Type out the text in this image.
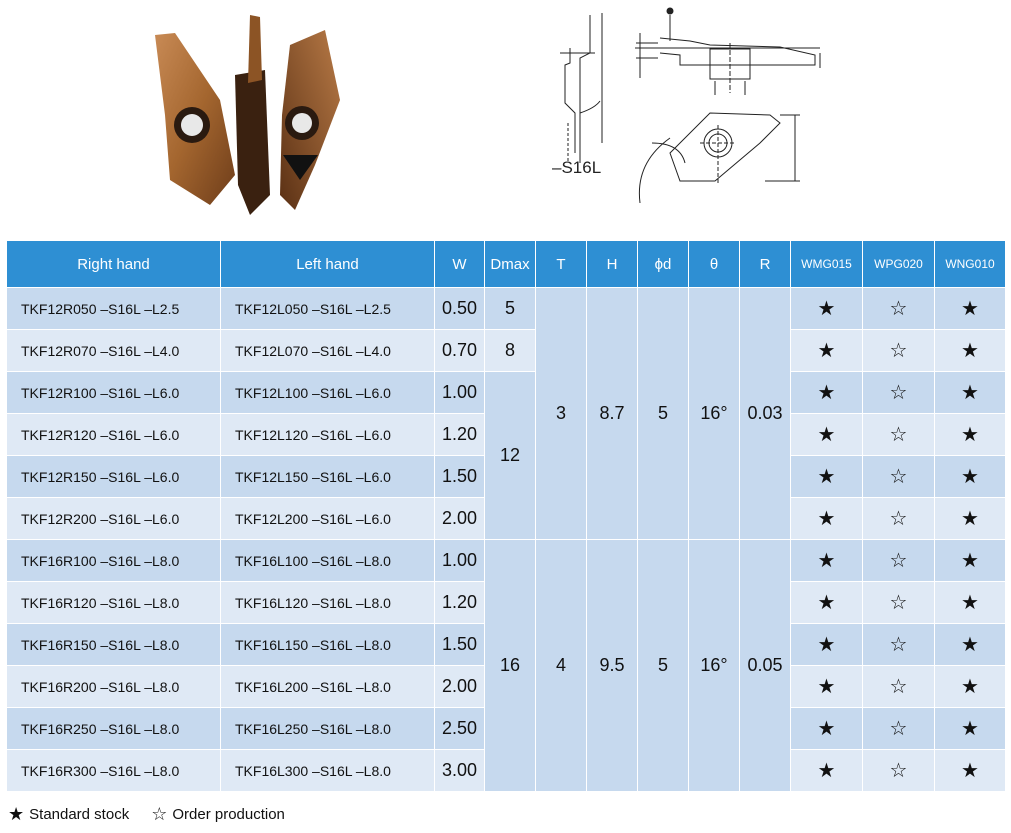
–S16L
Right hand	Left hand	W	Dmax	T	H	ϕd	θ	R	WMG015	WPG020	WNG010
TKF12R050 –S16L –L2.5	TKF12L050 –S16L –L2.5	0.50	5	3	8.7	5	16°	0.03	★	☆	★
TKF12R070 –S16L –L4.0	TKF12L070 –S16L –L4.0	0.70	8						★	☆	★
TKF12R100 –S16L –L6.0	TKF12L100 –S16L –L6.0	1.00	12						★	☆	★
TKF12R120 –S16L –L6.0	TKF12L120 –S16L –L6.0	1.20							★	☆	★
TKF12R150 –S16L –L6.0	TKF12L150 –S16L –L6.0	1.50							★	☆	★
TKF12R200 –S16L –L6.0	TKF12L200 –S16L –L6.0	2.00							★	☆	★
TKF16R100 –S16L –L8.0	TKF16L100 –S16L –L8.0	1.00	16	4	9.5	5	16°	0.05	★	☆	★
TKF16R120 –S16L –L8.0	TKF16L120 –S16L –L8.0	1.20							★	☆	★
TKF16R150 –S16L –L8.0	TKF16L150 –S16L –L8.0	1.50							★	☆	★
TKF16R200 –S16L –L8.0	TKF16L200 –S16L –L8.0	2.00							★	☆	★
TKF16R250 –S16L –L8.0	TKF16L250 –S16L –L8.0	2.50							★	☆	★
TKF16R300 –S16L –L8.0	TKF16L300 –S16L –L8.0	3.00							★	☆	★
★ Standard stock ☆ Order production
